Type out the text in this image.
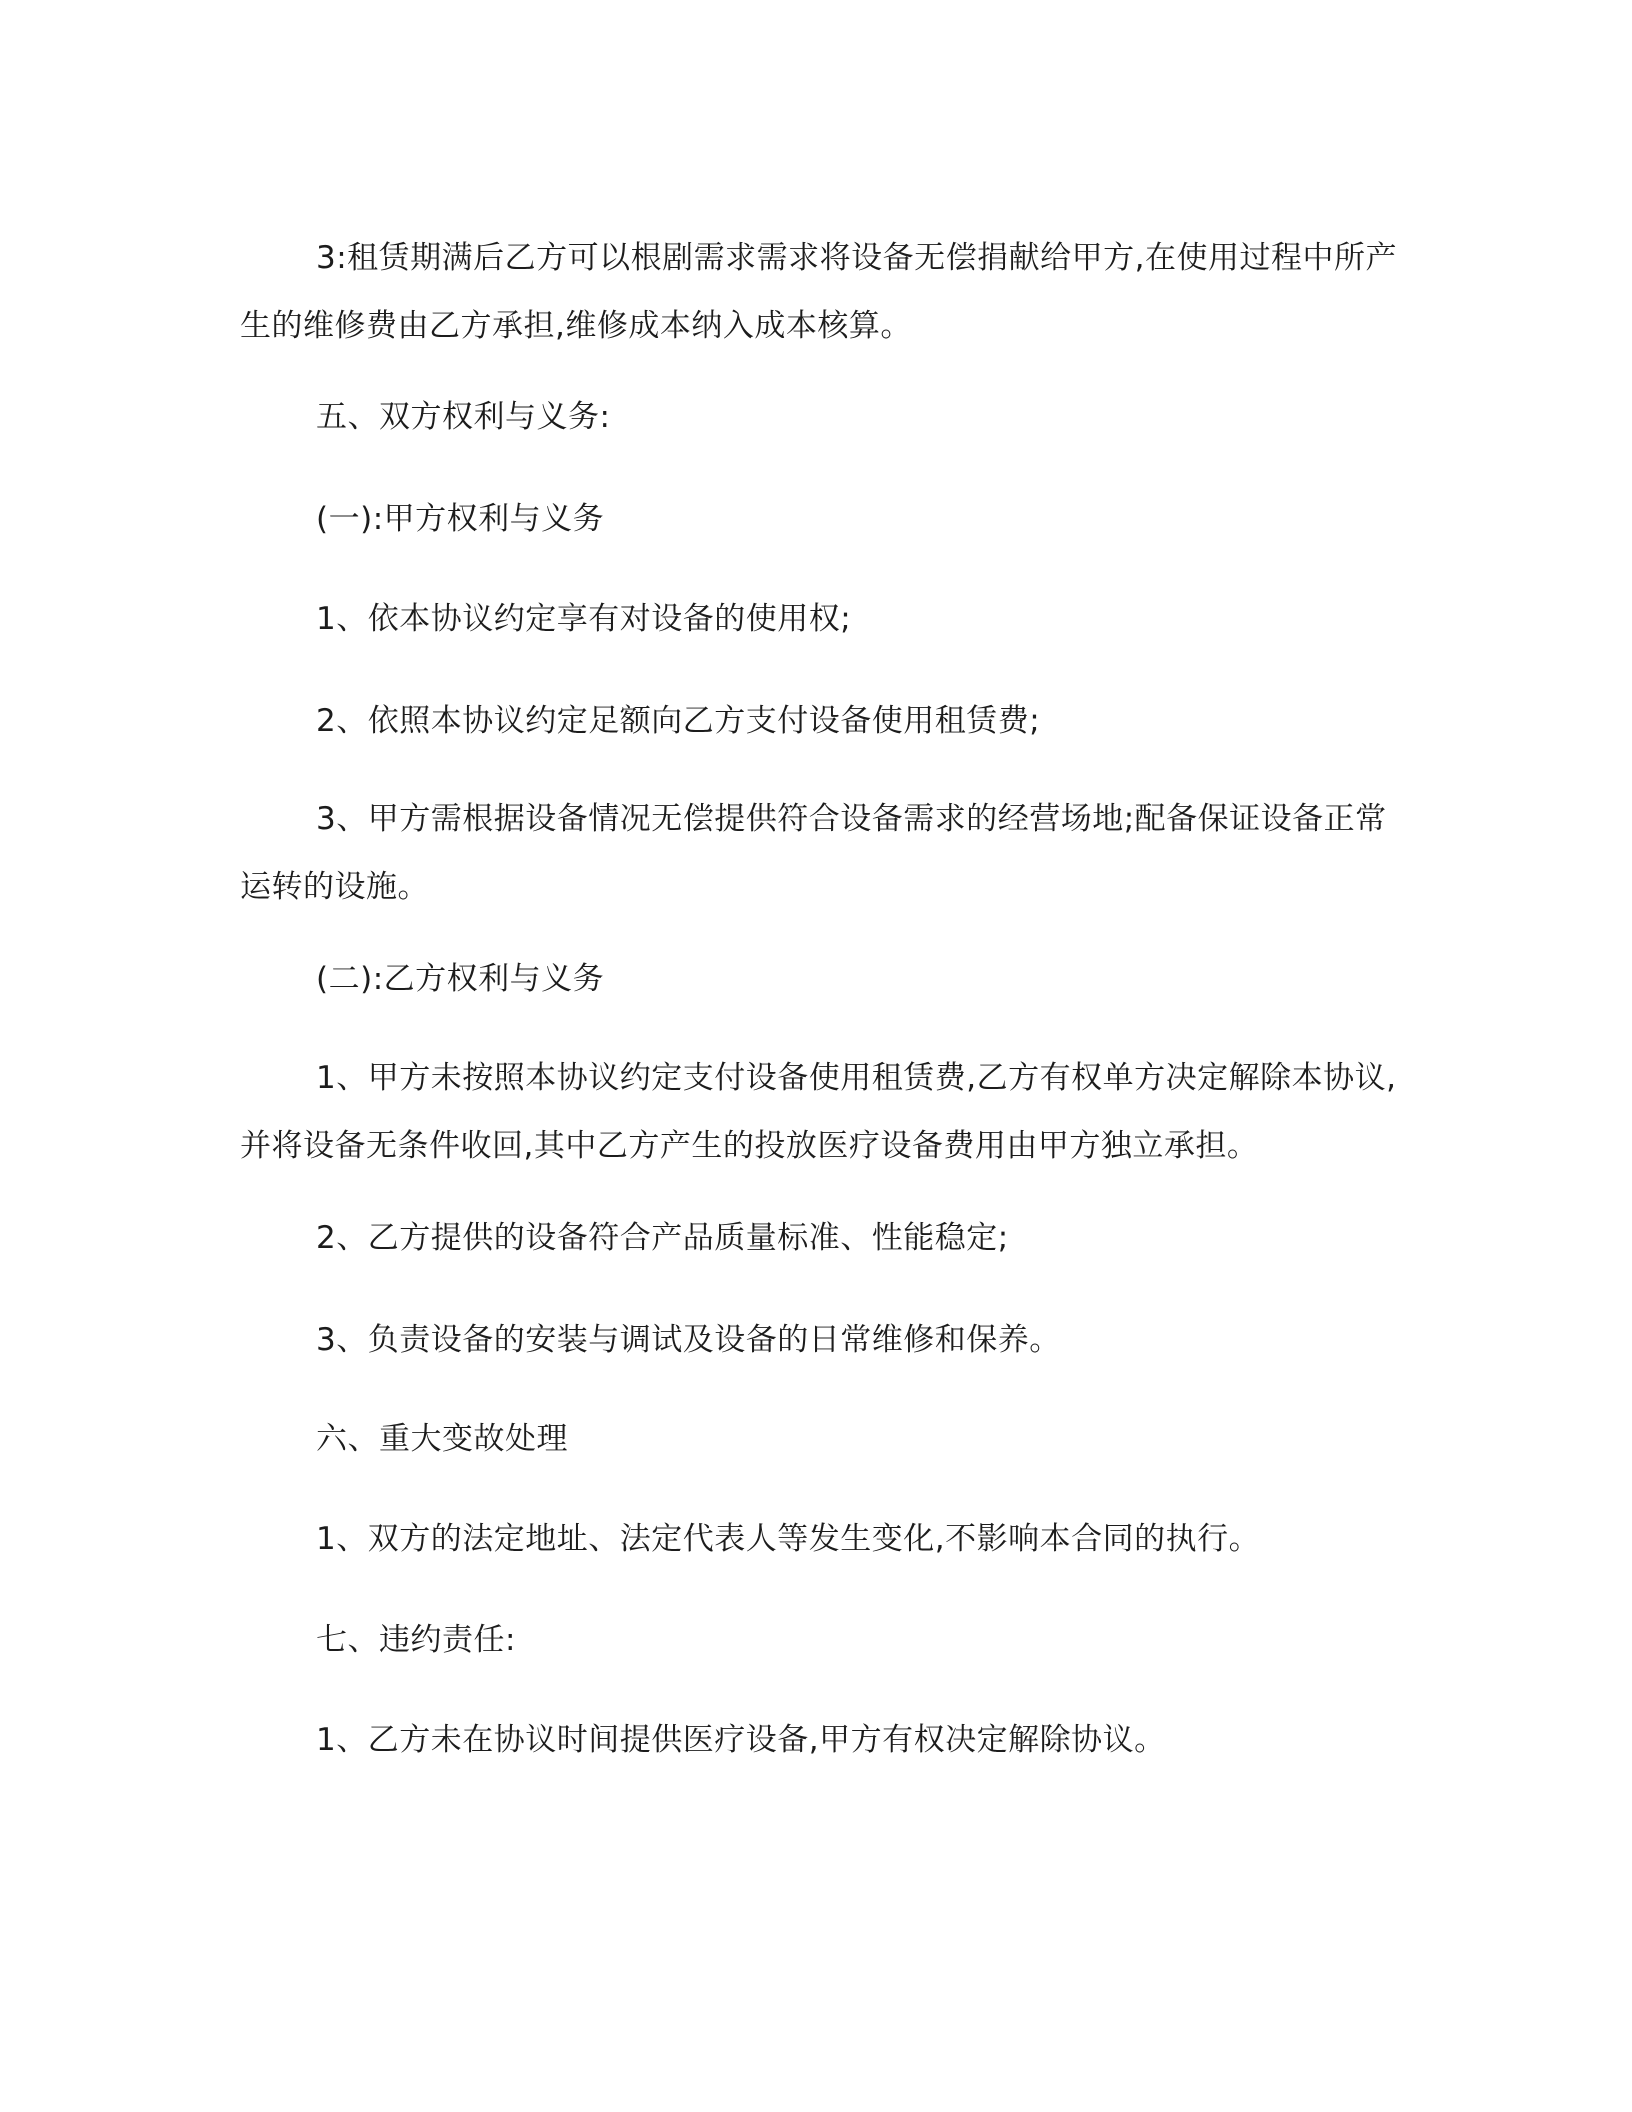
3:租赁期满后乙方可以根剧需求需求将设备无偿捐献给甲方,在使用过程中所产生的维修费由乙方承担,维修成本纳入成本核算。

五、双方权利与义务:

(一):甲方权利与义务

1、依本协议约定享有对设备的使用权;

2、依照本协议约定足额向乙方支付设备使用租赁费;

3、甲方需根据设备情况无偿提供符合设备需求的经营场地;配备保证设备正常运转的设施。

(二):乙方权利与义务

1、甲方未按照本协议约定支付设备使用租赁费,乙方有权单方决定解除本协议,并将设备无条件收回,其中乙方产生的投放医疗设备费用由甲方独立承担。

2、乙方提供的设备符合产品质量标准、性能稳定;

3、负责设备的安装与调试及设备的日常维修和保养。

六、重大变故处理

1、双方的法定地址、法定代表人等发生变化,不影响本合同的执行。

七、违约责任:

1、乙方未在协议时间提供医疗设备,甲方有权决定解除协议。
